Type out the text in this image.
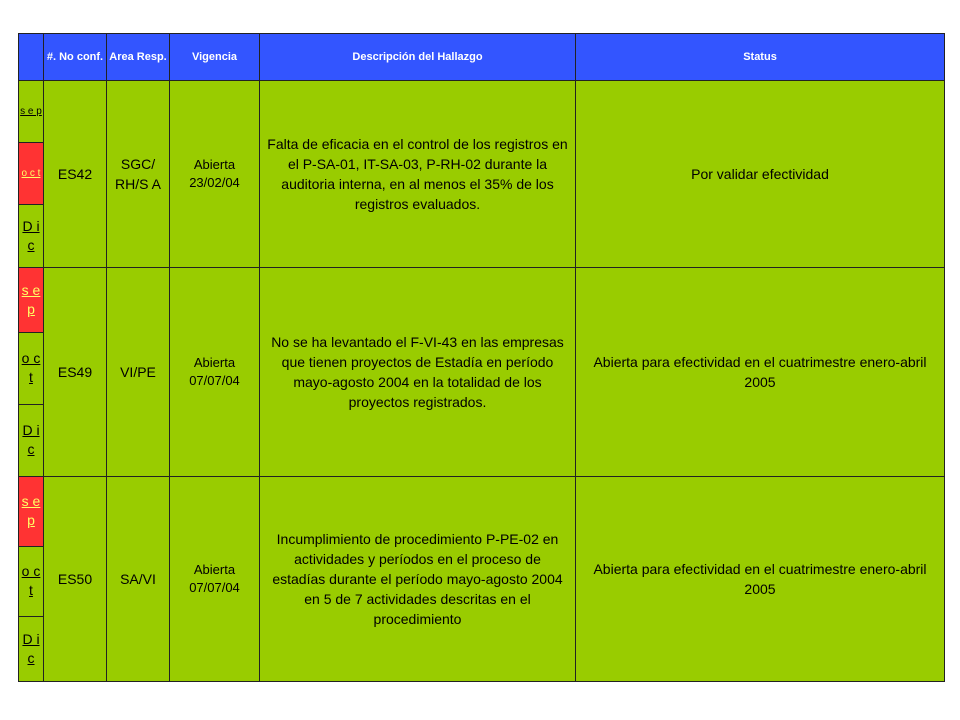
	#. No conf.	Area Resp.	Vigencia	Descripción del Hallazgo	Status

s e p	ES42	SGC/ RH/S A	Abierta 23/02/04	Falta de eficacia en el control de los registros en el P-SA-01, IT-SA-03, P-RH-02 durante la auditoria interna, en al menos el 35% de los registros evaluados.	Por validar efectividad

o c t					

D i c					

s e p	ES49	VI/PE	Abierta 07/07/04	No se ha levantado el F-VI-43 en las empresas que tienen proyectos de Estadía en período mayo-agosto 2004 en la totalidad de los proyectos registrados.	Abierta para efectividad en el cuatrimestre enero-abril 2005

o c t					

D i c					

s e p	ES50	SA/VI	Abierta 07/07/04	Incumplimiento de procedimiento P-PE-02 en actividades y períodos en el proceso de estadías durante el período mayo-agosto 2004 en 5 de 7 actividades descritas en el procedimiento	Abierta para efectividad en el cuatrimestre enero-abril 2005

o c t					

D i c					
